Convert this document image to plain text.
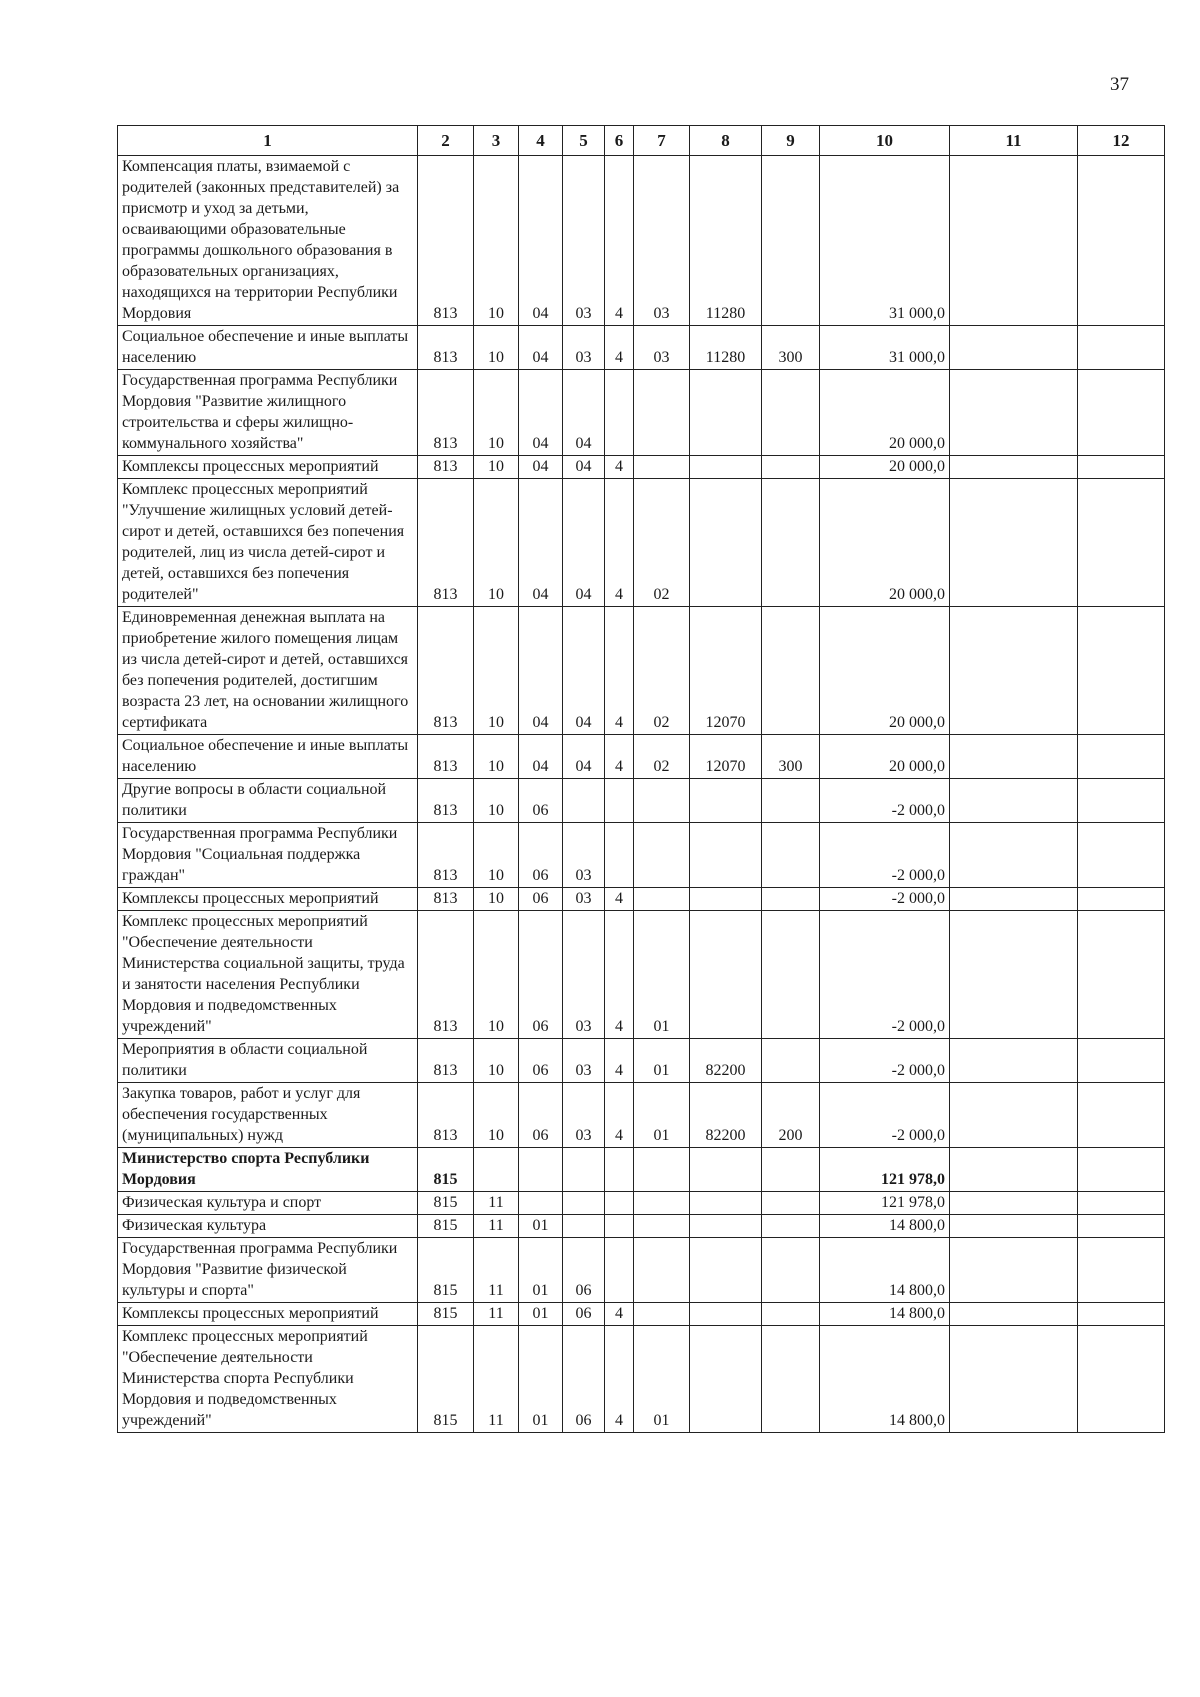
37
1	2	3	4	5	6	7	8	9	10	11	12
Компенсация платы, взимаемой с родителей (законных представителей) за присмотр и уход за детьми, осваивающими образовательные программы дошкольного образования в образовательных организациях, находящихся на территории Республики Мордовия	813	10	04	03	4	03	11280		31 000,0		
Социальное обеспечение и иные выплаты населению	813	10	04	03	4	03	11280	300	31 000,0		
Государственная программа Республики Мордовия "Развитие жилищного строительства и сферы жилищно-коммунального хозяйства"	813	10	04	04					20 000,0		
Комплексы процессных мероприятий	813	10	04	04	4				20 000,0		
Комплекс процессных мероприятий "Улучшение жилищных условий детей-сирот и детей, оставшихся без попечения родителей, лиц из числа детей-сирот и детей, оставшихся без попечения родителей"	813	10	04	04	4	02			20 000,0		
Единовременная денежная выплата на приобретение жилого помещения лицам из числа детей-сирот и детей, оставшихся без попечения родителей, достигшим возраста 23 лет, на основании жилищного сертификата	813	10	04	04	4	02	12070		20 000,0		
Социальное обеспечение и иные выплаты населению	813	10	04	04	4	02	12070	300	20 000,0		
Другие вопросы в области социальной политики	813	10	06						-2 000,0		
Государственная программа Республики Мордовия "Социальная поддержка граждан"	813	10	06	03					-2 000,0		
Комплексы процессных мероприятий	813	10	06	03	4				-2 000,0		
Комплекс процессных мероприятий "Обеспечение деятельности Министерства социальной защиты, труда и занятости населения Республики Мордовия и подведомственных учреждений"	813	10	06	03	4	01			-2 000,0		
Мероприятия в области социальной политики	813	10	06	03	4	01	82200		-2 000,0		
Закупка товаров, работ и услуг для обеспечения государственных (муниципальных) нужд	813	10	06	03	4	01	82200	200	-2 000,0		
Министерство спорта Республики Мордовия	815								121 978,0		
Физическая культура и спорт	815	11							121 978,0		
Физическая культура	815	11	01						14 800,0		
Государственная программа Республики Мордовия "Развитие физической культуры и спорта"	815	11	01	06					14 800,0		
Комплексы процессных мероприятий	815	11	01	06	4				14 800,0		
Комплекс процессных мероприятий "Обеспечение деятельности Министерства спорта Республики Мордовия и подведомственных учреждений"	815	11	01	06	4	01			14 800,0		
